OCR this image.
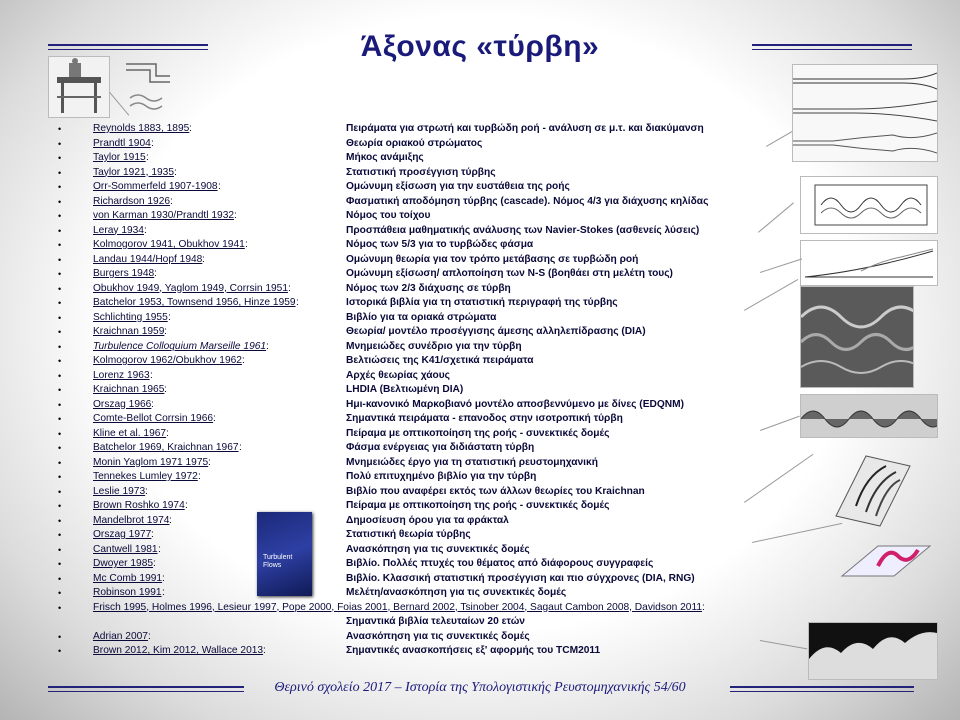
Άξονας «τύρβη»
Turbulent Flows
•	Reynolds 1883, 1895 :	Πειράματα για στρωτή και τυρβώδη ροή - ανάλυση σε μ.τ. και διακύμανση
•	Prandtl 1904 :	Θεωρία οριακού στρώματος
•	Taylor 1915 :	Μήκος ανάμιξης
•	Taylor 1921, 1935 :	Στατιστική προσέγγιση τύρβης
•	Orr-Sommerfeld 1907-1908 :	Ομώνυμη εξίσωση για την ευστάθεια της ροής
•	Richardson 1926 :	Φασματική αποδόμηση τύρβης (cascade). Νόμος 4/3 για διάχυσης κηλίδας
•	von Karman 1930/Prandtl 1932 :	Νόμος του τοίχου
•	Leray 1934 :	Προσπάθεια μαθηματικής ανάλυσης των Navier-Stokes (ασθενείς λύσεις)
•	Kolmogorov 1941, Obukhov 1941 :	Νόμος των 5/3 για το τυρβώδες φάσμα
•	Landau 1944/Hopf 1948 :	Ομώνυμη θεωρία για τον τρόπο μετάβασης σε τυρβώδη ροή
•	Burgers 1948 :	Ομώνυμη εξίσωση/ απλοποίηση των N-S (βοηθάει στη μελέτη τους)
•	Obukhov 1949, Yaglom 1949, Corrsin 1951 :	Νόμος των 2/3 διάχυσης σε τύρβη
•	Batchelor 1953, Townsend 1956, Hinze 1959 :	Ιστορικά βιβλία για τη στατιστική περιγραφή της τύρβης
•	Schlichting 1955 :	Βιβλίο για τα οριακά στρώματα
•	Kraichnan 1959 :	Θεωρία/ μοντέλο προσέγγισης άμεσης αλληλεπίδρασης (DIA)
•	Turbulence Colloquium Marseille 1961 :	Μνημειώδες συνέδριο για την τύρβη
•	Kolmogorov 1962/Obukhov 1962 :	Βελτιώσεις της K41/σχετικά πειράματα
•	Lorenz 1963 :	Αρχές θεωρίας χάους
•	Kraichnan 1965 :	LHDIA (Βελτιωμένη DIA)
•	Orszag 1966 :	Ημι-κανονικό Μαρκοβιανό μοντέλο αποσβεννύμενο με δίνες (EDQNM)
•	Comte-Bellot Corrsin 1966 :	Σημαντικά πειράματα - επανοδος στην ισοτροπική τύρβη
•	Kline et al. 1967 :	Πείραμα με οπτικοποίηση της ροής - συνεκτικές δομές
•	Batchelor 1969, Kraichnan 1967 :	Φάσμα ενέργειας για διδιάστατη τύρβη
•	Monin Yaglom 1971 1975 :	Μνημειώδες έργο για τη στατιστική ρευστομηχανική
•	Tennekes Lumley 1972 :	Πολύ επιτυχημένο βιβλίο για την τύρβη
•	Leslie 1973 :	Βιβλίο που αναφέρει εκτός των άλλων θεωρίες του Kraichnan
•	Brown Roshko 1974 :	Πείραμα με οπτικοποίηση της ροής - συνεκτικές δομές
•	Mandelbrot 1974 :	Δημοσίευση όρου για τα φράκταλ
•	Orszag 1977 :	Στατιστική θεωρία τύρβης
•	Cantwell 1981 :	Ανασκόπηση για τις συνεκτικές δομές
•	Dwoyer 1985 :	Βιβλίο. Πολλές πτυχές του θέματος από διάφορους συγγραφείς
•	Mc Comb 1991 :	Βιβλίο. Κλασσική στατιστική προσέγγιση και πιο σύγχρονες (DIA, RNG)
•	Robinson 1991 :	Μελέτη/ανασκόπηση για τις συνεκτικές δομές
•	Frisch 1995, Holmes 1996, Lesieur 1997, Pope 2000, Foias 2001, Bernard 2002, Tsinober 2004, Sagaut Cambon 2008, Davidson 2011 :
Σημαντικά βιβλία τελευταίων 20 ετών
•	Adrian 2007 :	Ανασκόπηση για τις συνεκτικές δομές
•	Brown 2012, Kim 2012, Wallace 2013 :	Σημαντικές ανασκοπήσεις εξ' αφορμής του TCM2011
Θερινό σχολείο 2017 – Ιστορία της Υπολογιστικής Ρευστομηχανικής 54/60
